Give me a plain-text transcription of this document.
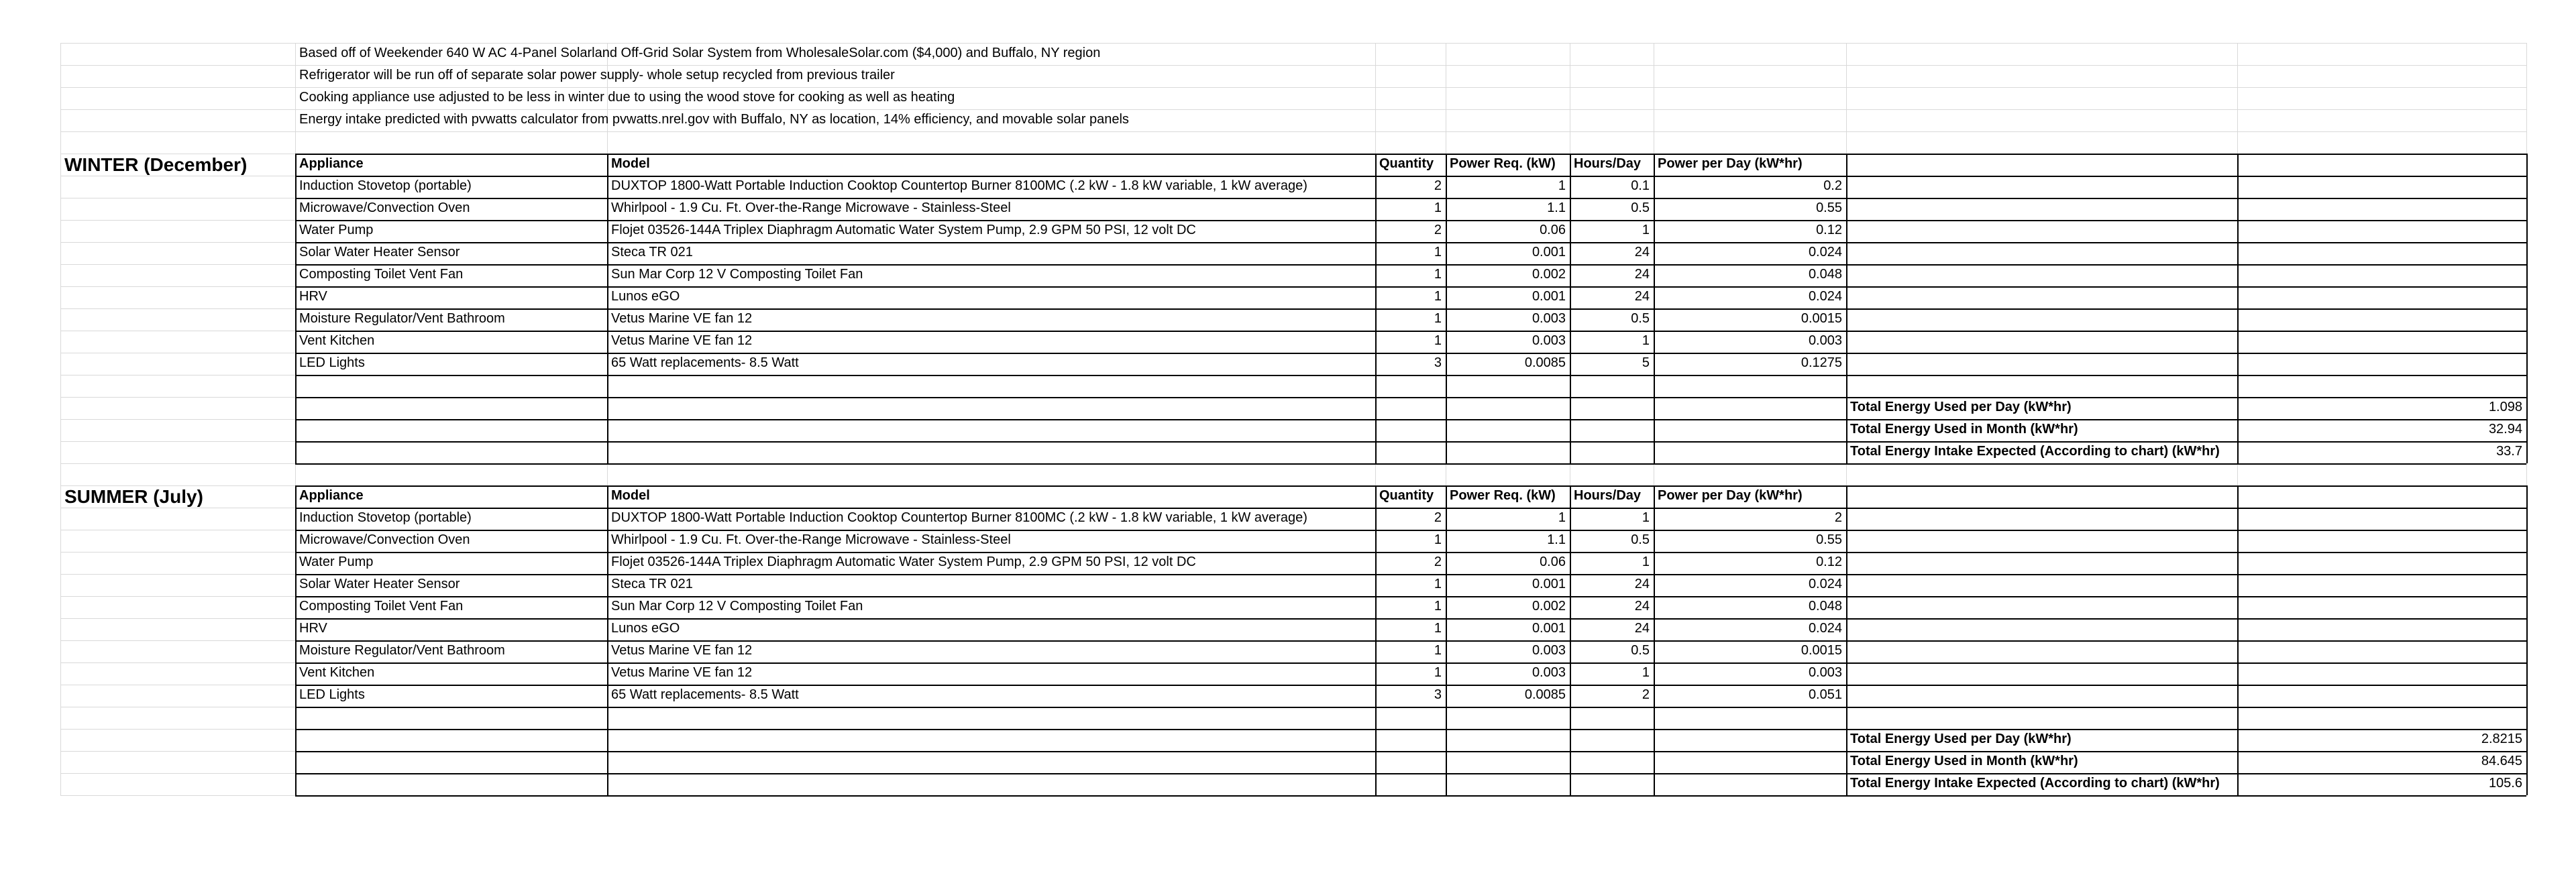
Based off of Weekender 640 W AC 4-Panel Solarland Off-Grid Solar System from WholesaleSolar.com ($4,000) and Buffalo, NY region
Refrigerator will be run off of separate solar power supply- whole setup recycled from previous trailer
Cooking appliance use adjusted to be less in winter due to using the wood stove for cooking as well as heating
Energy intake predicted with pvwatts calculator from pvwatts.nrel.gov with Buffalo, NY as location, 14% efficiency, and movable solar panels
WINTER (December)	Appliance	Model	Quantity	Power Req. (kW)	Hours/Day	Power per Day (kW*hr)
Induction Stovetop (portable)	DUXTOP 1800-Watt Portable Induction Cooktop Countertop Burner 8100MC (.2 kW - 1.8 kW variable, 1 kW average)	2	1	0.1	0.2
Microwave/Convection Oven	Whirlpool - 1.9 Cu. Ft. Over-the-Range Microwave - Stainless-Steel	1	1.1	0.5	0.55
Water Pump	Flojet 03526-144A Triplex Diaphragm Automatic Water System Pump, 2.9 GPM 50 PSI, 12 volt DC	2	0.06	1	0.12
Solar Water Heater Sensor	Steca TR 021	1	0.001	24	0.024
Composting Toilet Vent Fan	Sun Mar Corp 12 V Composting Toilet Fan	1	0.002	24	0.048
HRV	Lunos eGO	1	0.001	24	0.024
Moisture Regulator/Vent Bathroom	Vetus Marine VE fan 12	1	0.003	0.5	0.0015
Vent Kitchen	Vetus Marine VE fan 12	1	0.003	1	0.003
LED Lights	65 Watt replacements- 8.5 Watt	3	0.0085	5	0.1275
Total Energy Used per Day (kW*hr)	1.098
Total Energy Used in Month (kW*hr)	32.94
Total Energy Intake Expected (According to chart) (kW*hr)	33.7
SUMMER (July)	Appliance	Model	Quantity	Power Req. (kW)	Hours/Day	Power per Day (kW*hr)
Induction Stovetop (portable)	DUXTOP 1800-Watt Portable Induction Cooktop Countertop Burner 8100MC (.2 kW - 1.8 kW variable, 1 kW average)	2	1	1	2
Microwave/Convection Oven	Whirlpool - 1.9 Cu. Ft. Over-the-Range Microwave - Stainless-Steel	1	1.1	0.5	0.55
Water Pump	Flojet 03526-144A Triplex Diaphragm Automatic Water System Pump, 2.9 GPM 50 PSI, 12 volt DC	2	0.06	1	0.12
Solar Water Heater Sensor	Steca TR 021	1	0.001	24	0.024
Composting Toilet Vent Fan	Sun Mar Corp 12 V Composting Toilet Fan	1	0.002	24	0.048
HRV	Lunos eGO	1	0.001	24	0.024
Moisture Regulator/Vent Bathroom	Vetus Marine VE fan 12	1	0.003	0.5	0.0015
Vent Kitchen	Vetus Marine VE fan 12	1	0.003	1	0.003
LED Lights	65 Watt replacements- 8.5 Watt	3	0.0085	2	0.051
Total Energy Used per Day (kW*hr)	2.8215
Total Energy Used in Month (kW*hr)	84.645
Total Energy Intake Expected (According to chart) (kW*hr)	105.6
